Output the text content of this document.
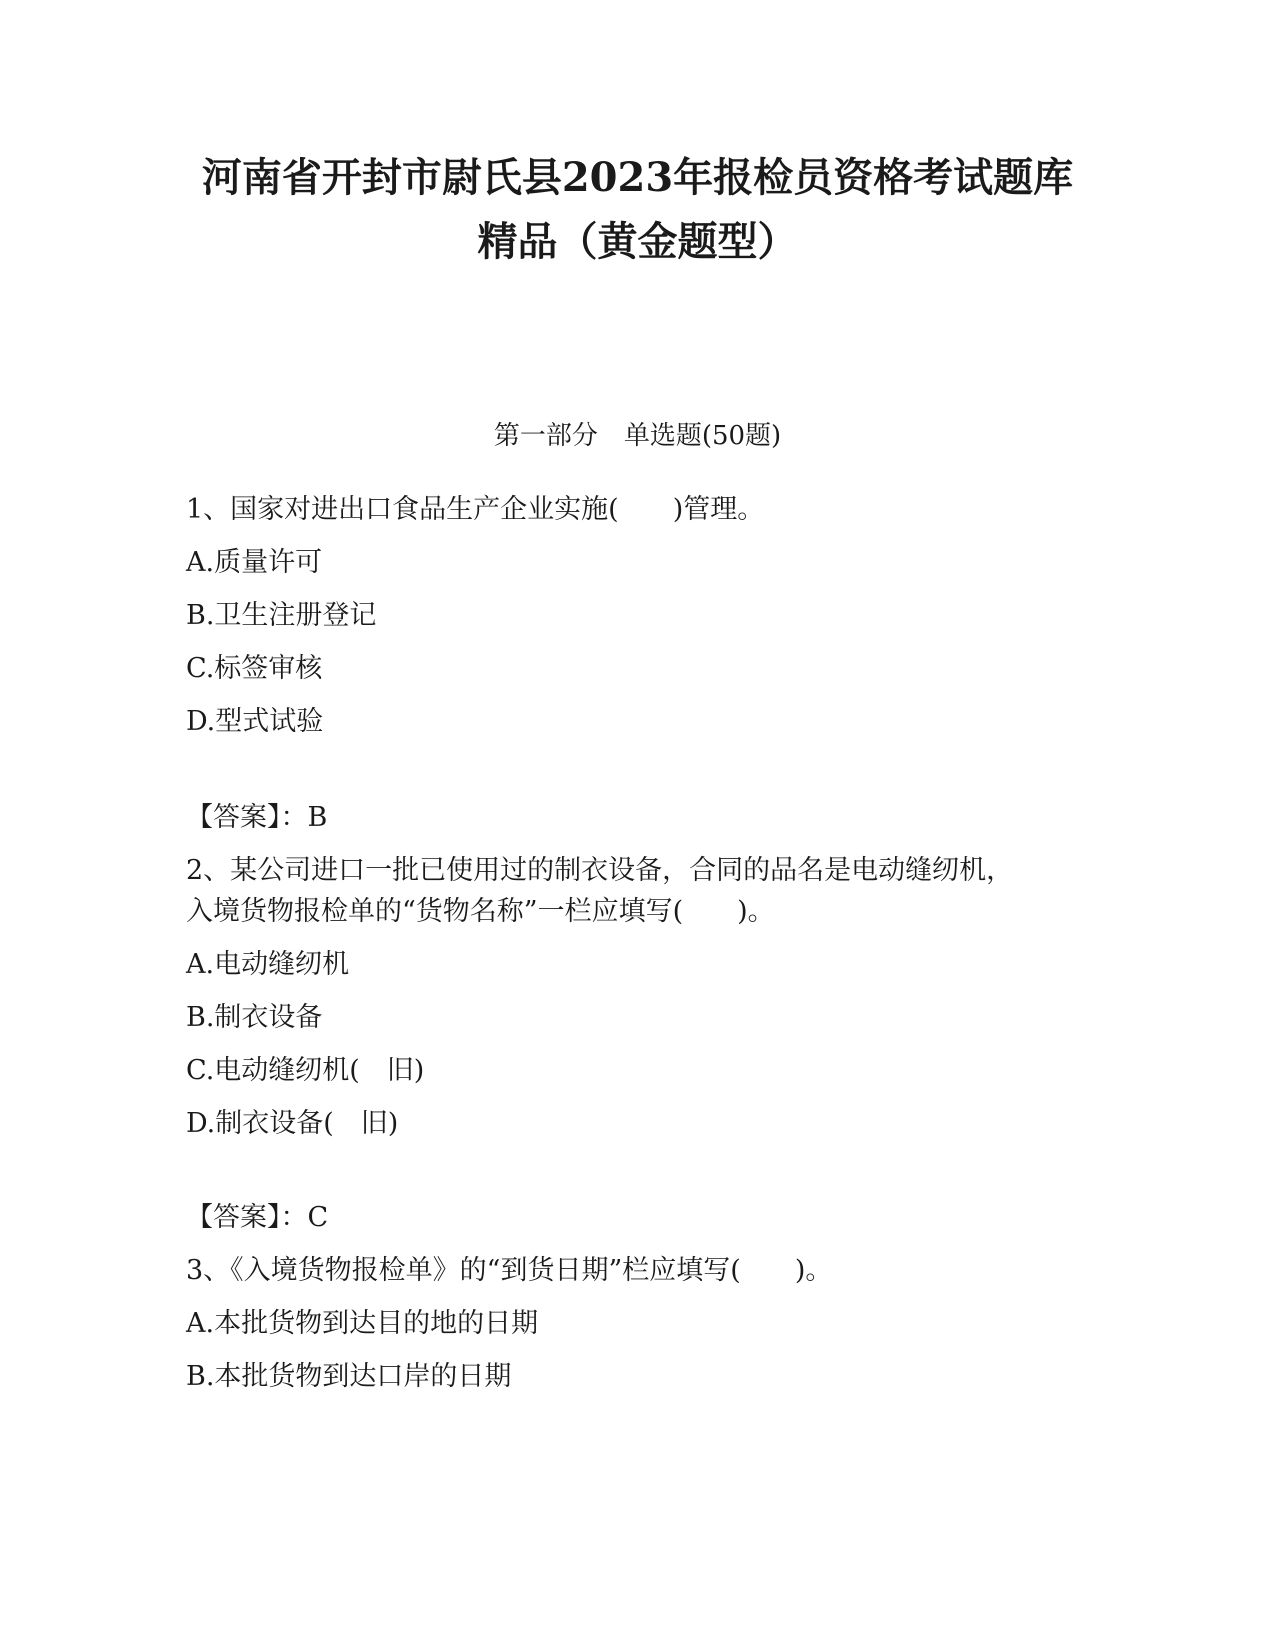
河南省开封市尉氏县2023年报检员资格考试题库
精品（黄金题型）
第一部分　单选题(50题)
1、国家对进出口食品生产企业实施(　　)管理。
A.质量许可
B.卫生注册登记
C.标签审核
D.型式试验
【答案】：B
2、某公司进口一批已使用过的制衣设备，合同的品名是电动缝纫机，
入境货物报检单的“货物名称”一栏应填写(　　)。
A.电动缝纫机
B.制衣设备
C.电动缝纫机(　旧)
D.制衣设备(　旧)
【答案】：C
3、《入境货物报检单》的“到货日期”栏应填写(　　)。
A.本批货物到达目的地的日期
B.本批货物到达口岸的日期
